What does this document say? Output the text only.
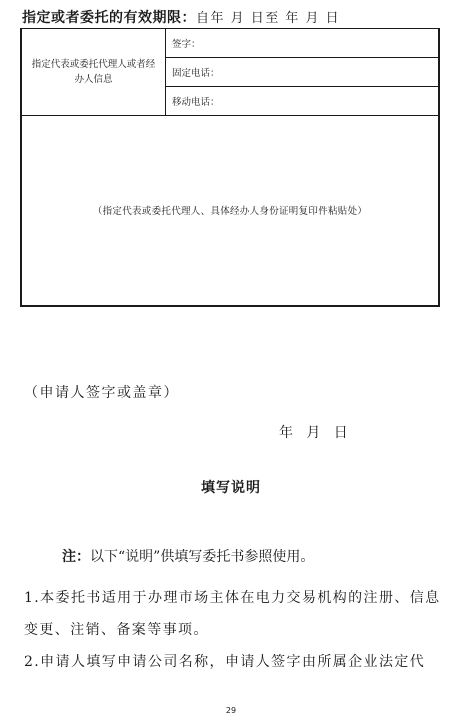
指定或者委托的有效期限：自年 月 日至 年 月 日
指定代表或委托代理人或者经办人信息
签字：
固定电话：
移动电话：
（指定代表或委托代理人、具体经办人身份证明复印件粘贴处）
（申请人签字或盖章）
年   月   日
填写说明
注：以下“说明”供填写委托书参照使用。
1.本委托书适用于办理市场主体在电力交易机构的注册、信息变更、注销、备案等事项。
2.申请人填写申请公司名称，申请人签字由所属企业法定代
29
